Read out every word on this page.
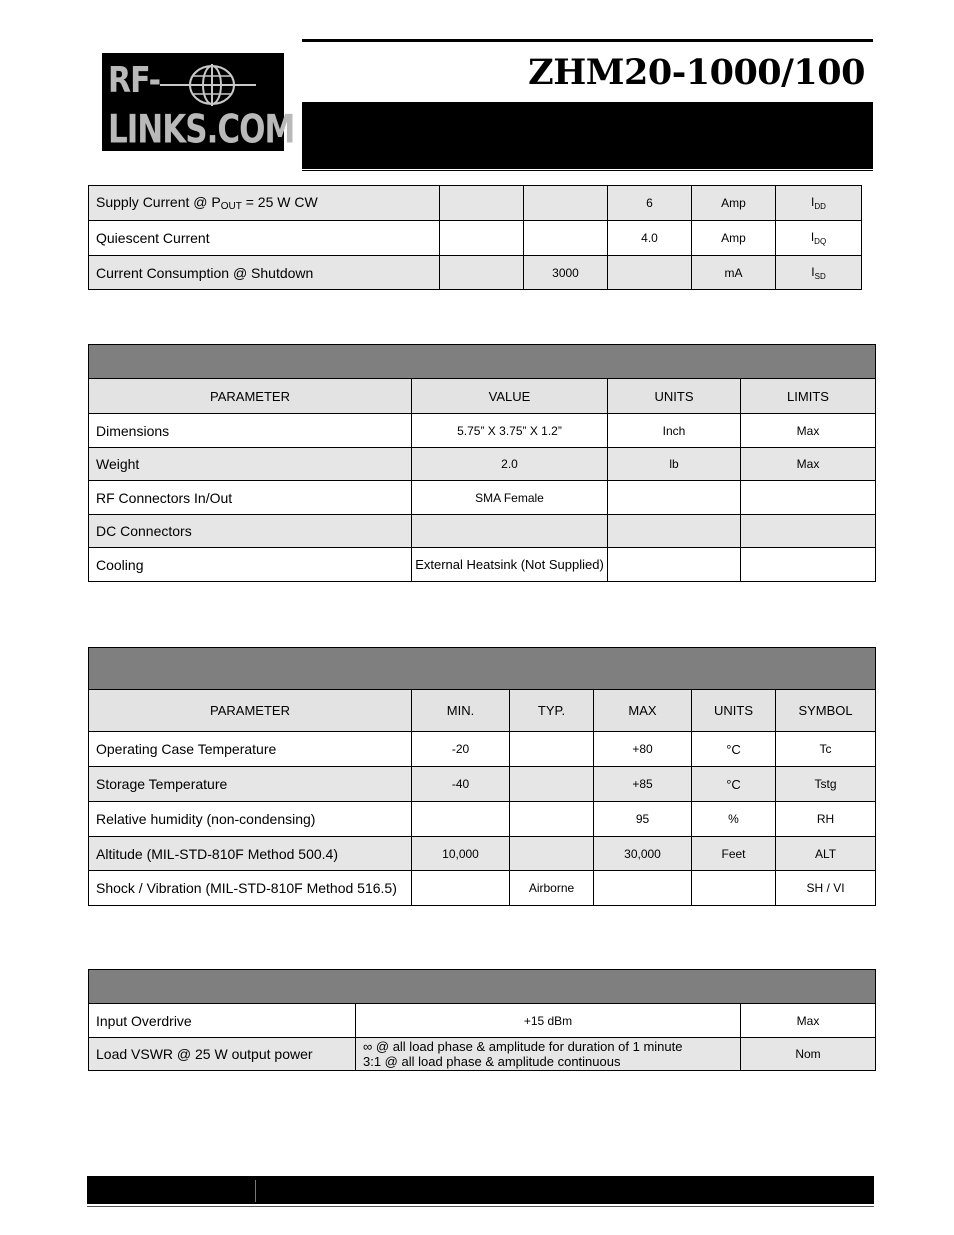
RF-
LINKS.COM
ZHM20-1000/100
Supply Current @ POUT = 25 W CW			6	Amp	$I_{DD}$
Quiescent Current			4.0	Amp	$I_{DQ}$
Current Consumption @ Shutdown		3000		mA	$I_{SD}$

PARAMETER	VALUE	UNITS	LIMITS
Dimensions	5.75” X 3.75” X 1.2”	Inch	Max
Weight	2.0	lb	Max
RF Connectors In/Out	SMA Female		
DC Connectors			
Cooling	External Heatsink (Not Supplied)		

PARAMETER	MIN.	TYP.	MAX	UNITS	SYMBOL
Operating Case Temperature	-20		+80	°C	Tc
Storage Temperature	-40		+85	°C	Tstg
Relative humidity (non-condensing)			95	%	RH
Altitude (MIL-STD-810F Method 500.4)	10,000		30,000	Feet	ALT
Shock / Vibration (MIL-STD-810F Method 516.5)		Airborne			SH / VI

Input Overdrive	+15 dBm	Max
Load VSWR @ 25 W output power	∞ @ all load phase & amplitude for duration of 1 minute
3:1 @ all load phase & amplitude continuous	Nom
